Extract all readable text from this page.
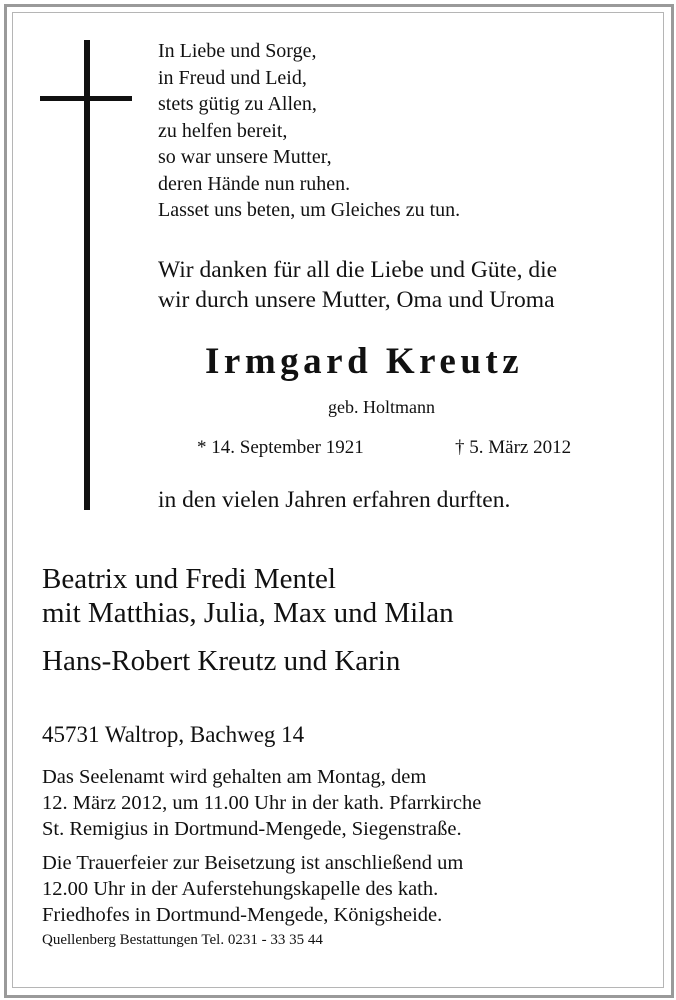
In Liebe und Sorge,
in Freud und Leid,
stets gütig zu Allen,
zu helfen bereit,
so war unsere Mutter,
deren Hände nun ruhen.
Lasset uns beten, um Gleiches zu tun.
Wir danken für all die Liebe und Güte, die
wir durch unsere Mutter, Oma und Uroma
Irmgard Kreutz
geb. Holtmann
* 14. September 1921	† 5. März 2012
in den vielen Jahren erfahren durften.
Beatrix und Fredi Mentel
mit Matthias, Julia, Max und Milan
Hans-Robert Kreutz und Karin
45731 Waltrop, Bachweg 14
Das Seelenamt wird gehalten am Montag, dem
12. März 2012, um 11.00 Uhr in der kath. Pfarrkirche
St. Remigius in Dortmund-Mengede, Siegenstraße.
Die Trauerfeier zur Beisetzung ist anschließend um
12.00 Uhr in der Auferstehungskapelle des kath.
Friedhofes in Dortmund-Mengede, Königsheide.
Quellenberg Bestattungen Tel. 0231 - 33 35 44
